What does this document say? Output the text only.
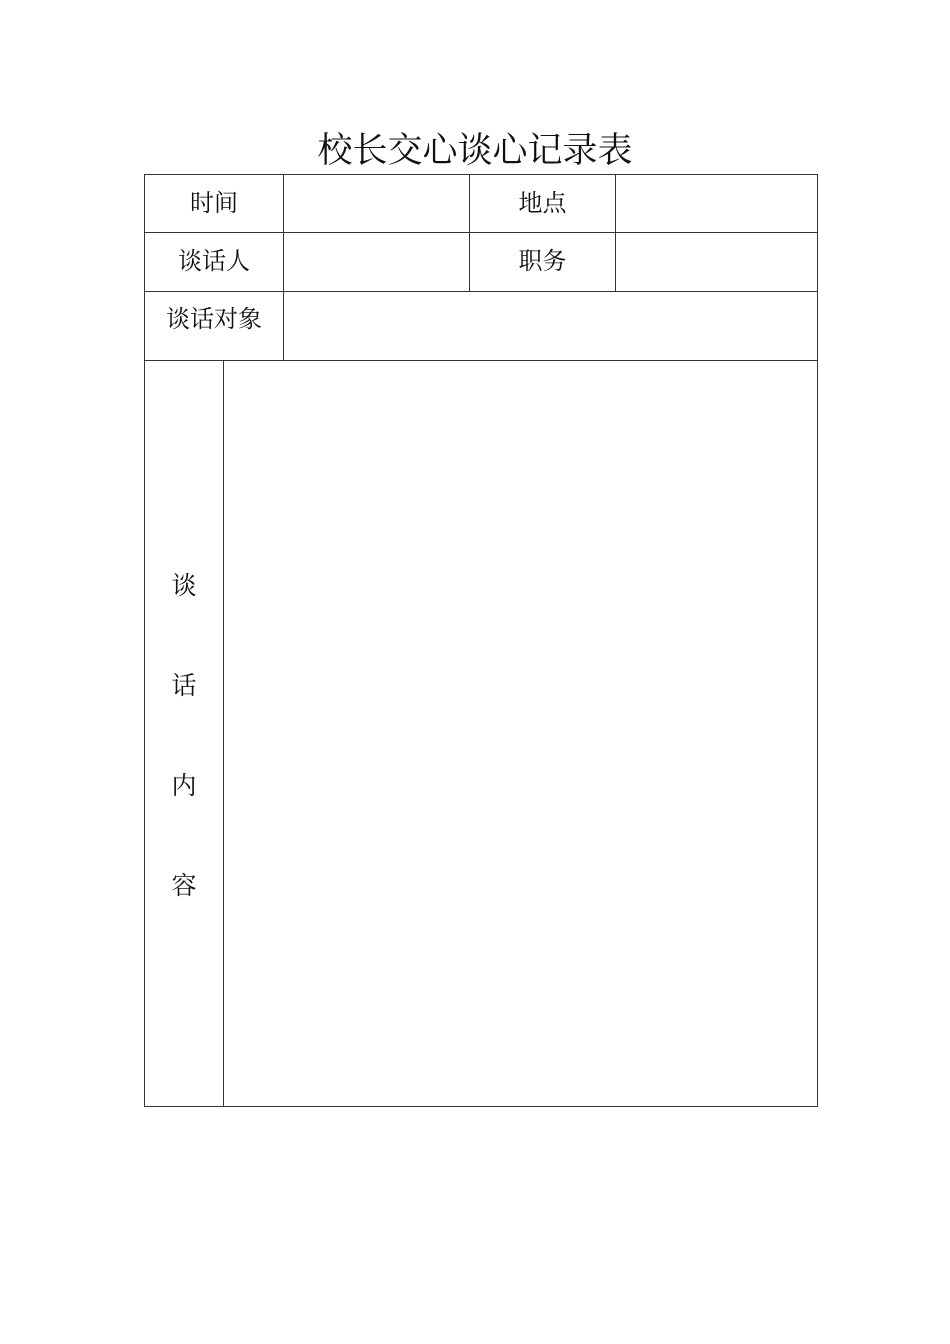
校长交心谈心记录表
时间	地点
谈话人	职务
谈话对象
谈
话
内
容
